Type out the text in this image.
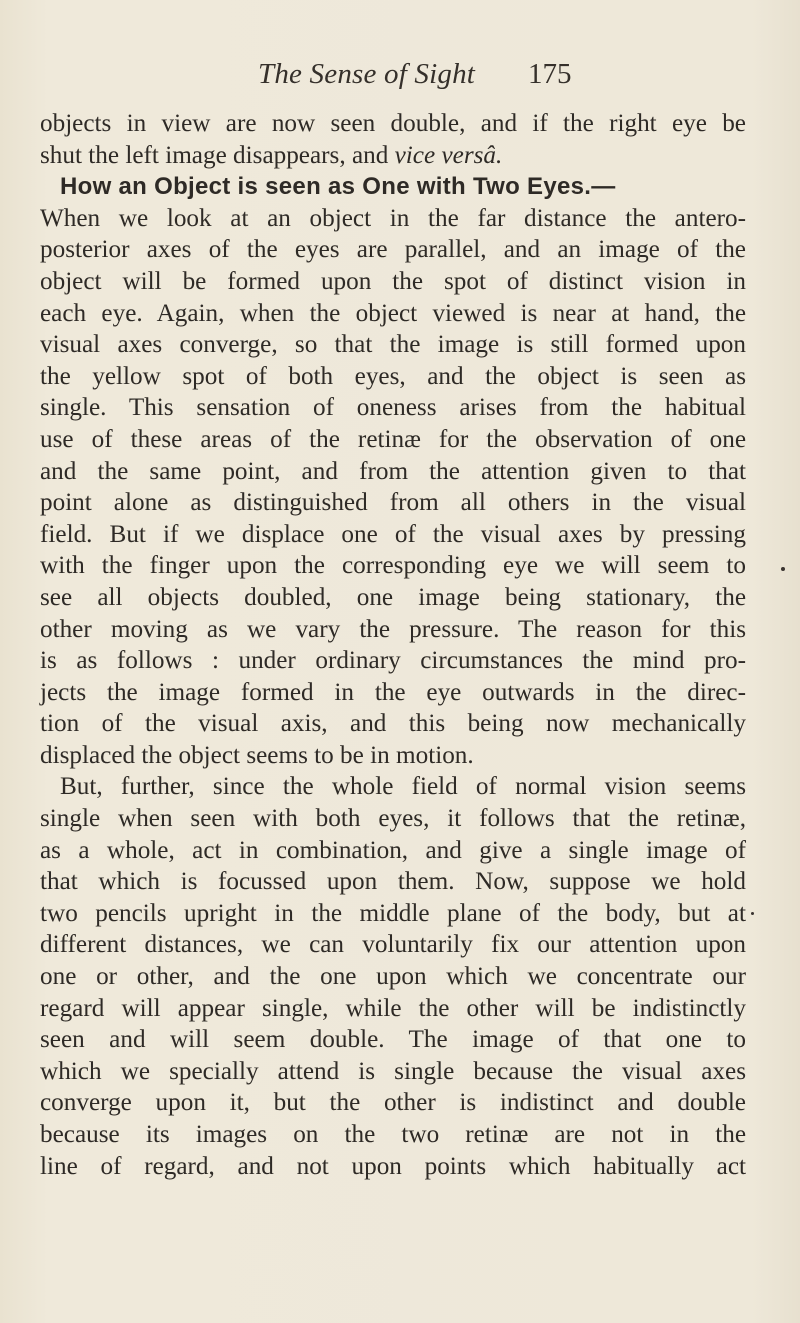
The Sense of Sight 175
objects in view are now seen double, and if the right eye be
shut the left image disappears, and vice versâ.
How an Object is seen as One with Two Eyes.—
When we look at an object in the far distance the antero-
posterior axes of the eyes are parallel, and an image of the
object will be formed upon the spot of distinct vision in
each eye. Again, when the object viewed is near at hand, the
visual axes converge, so that the image is still formed upon
the yellow spot of both eyes, and the object is seen as
single. This sensation of oneness arises from the habitual
use of these areas of the retinæ for the observation of one
and the same point, and from the attention given to that
point alone as distinguished from all others in the visual
field. But if we displace one of the visual axes by pressing
with the finger upon the corresponding eye we will seem to
see all objects doubled, one image being stationary, the
other moving as we vary the pressure. The reason for this
is as follows : under ordinary circumstances the mind pro-
jects the image formed in the eye outwards in the direc-
tion of the visual axis, and this being now mechanically
displaced the object seems to be in motion.
But, further, since the whole field of normal vision seems
single when seen with both eyes, it follows that the retinæ,
as a whole, act in combination, and give a single image of
that which is focussed upon them. Now, suppose we hold
two pencils upright in the middle plane of the body, but at
different distances, we can voluntarily fix our attention upon
one or other, and the one upon which we concentrate our
regard will appear single, while the other will be indistinctly
seen and will seem double. The image of that one to
which we specially attend is single because the visual axes
converge upon it, but the other is indistinct and double
because its images on the two retinæ are not in the
line of regard, and not upon points which habitually act
